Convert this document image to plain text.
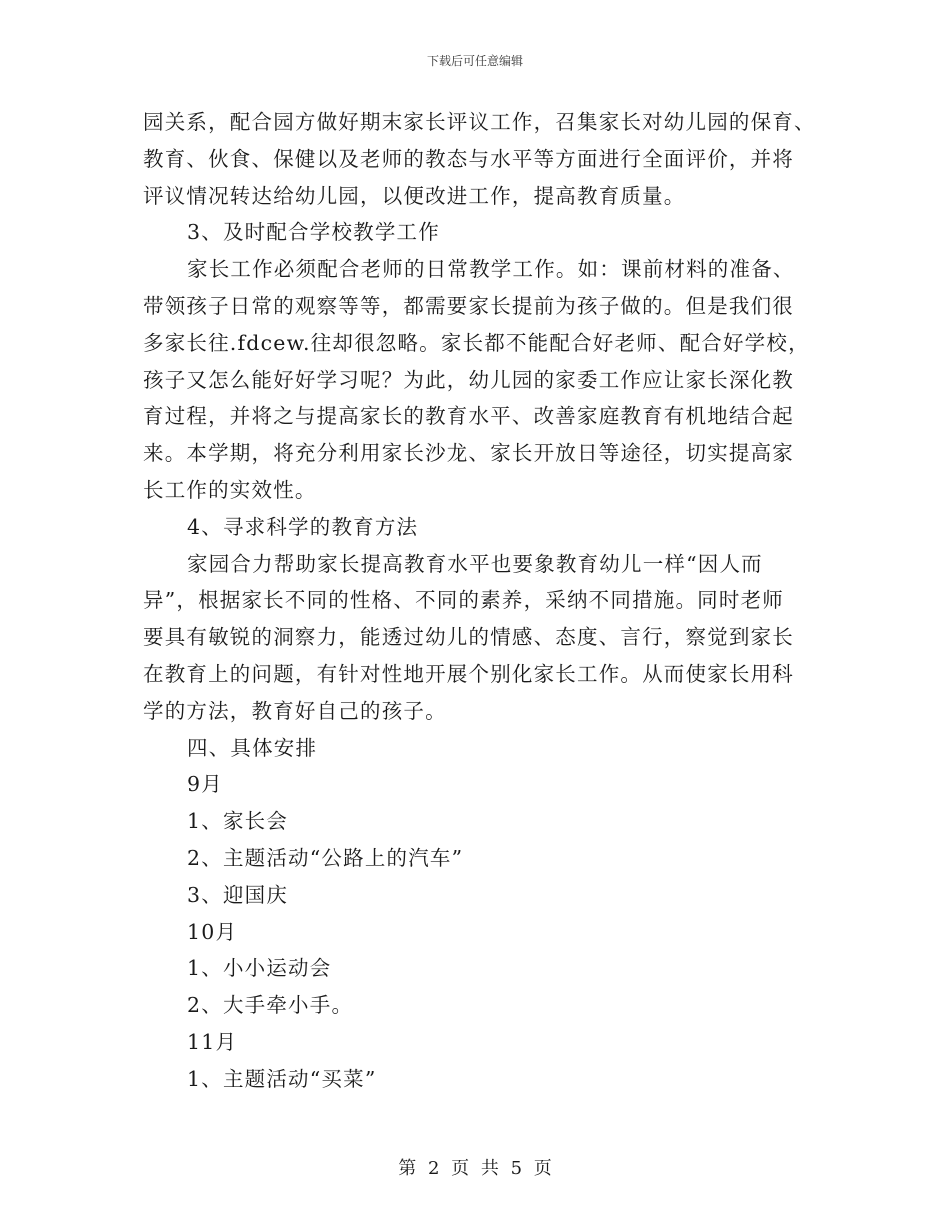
下载后可任意编辑
园关系，配合园方做好期末家长评议工作，召集家长对幼儿园的保育、
教育、伙食、保健以及老师的教态与水平等方面进行全面评价，并将
评议情况转达给幼儿园，以便改进工作，提高教育质量。
3、及时配合学校教学工作
家长工作必须配合老师的日常教学工作。如：课前材料的准备、
带领孩子日常的观察等等，都需要家长提前为孩子做的。但是我们很
多家长往.fdcew.往却很忽略。家长都不能配合好老师、配合好学校，
孩子又怎么能好好学习呢？为此，幼儿园的家委工作应让家长深化教
育过程，并将之与提高家长的教育水平、改善家庭教育有机地结合起
来。本学期，将充分利用家长沙龙、家长开放日等途径，切实提高家
长工作的实效性。
4、寻求科学的教育方法
家园合力帮助家长提高教育水平也要象教育幼儿一样“因人而
异”，根据家长不同的性格、不同的素养，采纳不同措施。同时老师
要具有敏锐的洞察力，能透过幼儿的情感、态度、言行，察觉到家长
在教育上的问题，有针对性地开展个别化家长工作。从而使家长用科
学的方法，教育好自己的孩子。
四、具体安排
9月
1、家长会
2、主题活动“公路上的汽车”
3、迎国庆
10月
1、小小运动会
2、大手牵小手。
11月
1、主题活动“买菜”
第 2 页 共 5 页
